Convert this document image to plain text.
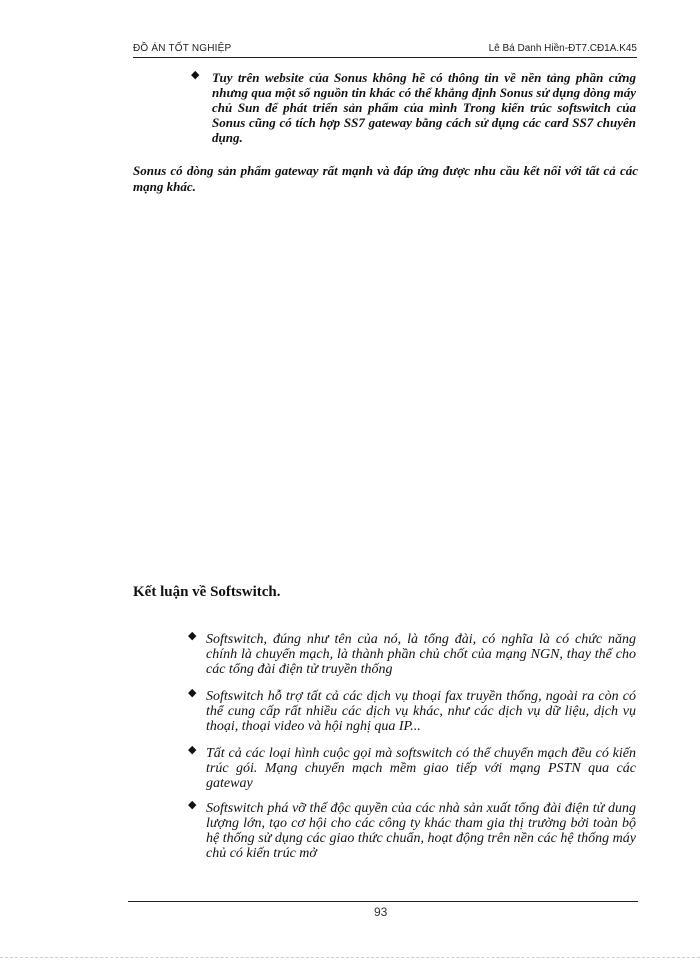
ĐỒ ÁN TỐT NGHIỆP	Lê Bá Danh Hiền-ĐT7.CĐ1A.K45
◆ Tuy trên website của Sonus không hề có thông tin về nền tảng phần cứng nhưng qua một số nguồn tin khác có thể khẳng định Sonus sử dụng dòng máy chủ Sun để phát triển sản phẩm của mình Trong kiến trúc softswitch của Sonus cũng có tích hợp SS7 gateway bằng cách sử dụng các card SS7 chuyên dụng.
Sonus có dòng sản phẩm gateway rất mạnh và đáp ứng được nhu cầu kết nối với tất cả các mạng khác.
Kết luận về Softswitch.
◆ Softswitch, đúng như tên của nó, là tổng đài, có nghĩa là có chức năng chính là chuyển mạch, là thành phần chủ chốt của mạng NGN, thay thế cho các tổng đài điện tử truyền thống
◆ Softswitch hỗ trợ tất cả các dịch vụ thoại fax truyền thống, ngoài ra còn có thể cung cấp rất nhiều các dịch vụ khác, như các dịch vụ dữ liệu, dịch vụ thoại, thoại video và hội nghị qua IP...
◆ Tất cả các loại hình cuộc gọi mà softswitch có thể chuyển mạch đều có kiến trúc gói. Mạng chuyển mạch mềm giao tiếp với mạng PSTN qua các gateway
◆ Softswitch phá vỡ thế độc quyền của các nhà sản xuất tổng đài điện tử dung lượng lớn, tạo cơ hội cho các công ty khác tham gia thị trường bởi toàn bộ hệ thống sử dụng các giao thức chuẩn, hoạt động trên nền các hệ thống máy chủ có kiến trúc mở
93
